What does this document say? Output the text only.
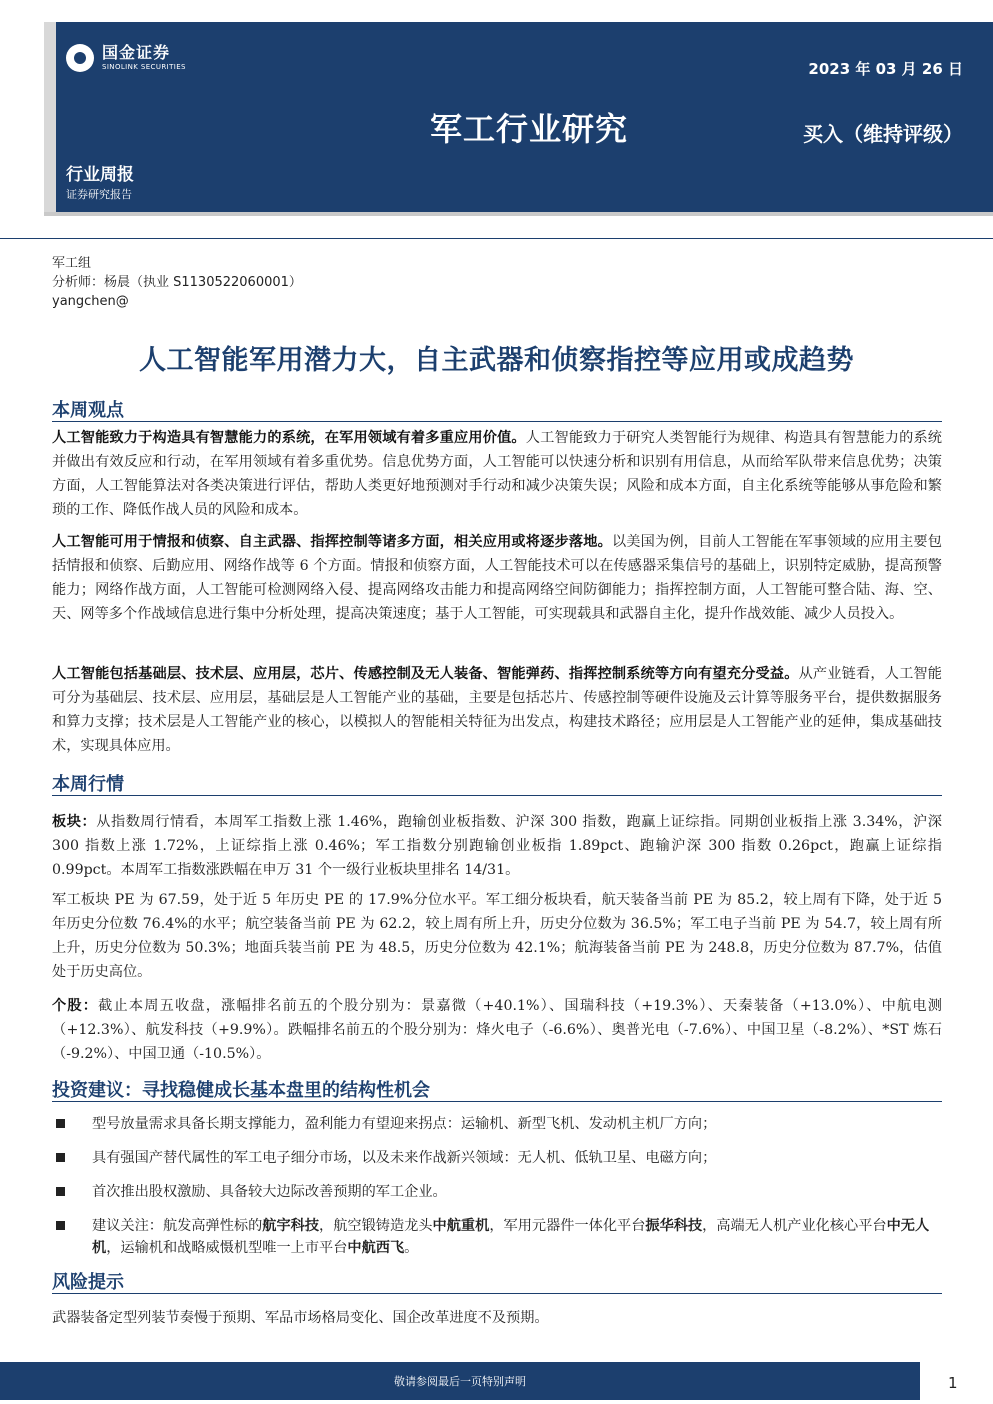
国金证券
SINOLINK SECURITIES	2023 年 03 月 26 日
军工行业研究	买入（维持评级）
行业周报
证券研究报告
军工组
分析师：杨晨（执业 S1130522060001）
yangchen@
人工智能军用潜力大，自主武器和侦察指控等应用或成趋势
本周观点
人工智能致力于构造具有智慧能力的系统，在军用领域有着多重应用价值。人工智能致力于研究人类智能行为规律、构造具有智慧能力的系统并做出有效反应和行动，在军用领域有着多重优势。信息优势方面，人工智能可以快速分析和识别有用信息，从而给军队带来信息优势；决策方面，人工智能算法对各类决策进行评估，帮助人类更好地预测对手行动和减少决策失误；风险和成本方面，自主化系统等能够从事危险和繁琐的工作、降低作战人员的风险和成本。
人工智能可用于情报和侦察、自主武器、指挥控制等诸多方面，相关应用或将逐步落地。以美国为例，目前人工智能在军事领域的应用主要包括情报和侦察、后勤应用、网络作战等 6 个方面。情报和侦察方面，人工智能技术可以在传感器采集信号的基础上，识别特定威胁，提高预警能力；网络作战方面，人工智能可检测网络入侵、提高网络攻击能力和提高网络空间防御能力；指挥控制方面，人工智能可整合陆、海、空、天、网等多个作战域信息进行集中分析处理，提高决策速度；基于人工智能，可实现载具和武器自主化，提升作战效能、减少人员投入。
人工智能包括基础层、技术层、应用层，芯片、传感控制及无人装备、智能弹药、指挥控制系统等方向有望充分受益。从产业链看，人工智能可分为基础层、技术层、应用层，基础层是人工智能产业的基础，主要是包括芯片、传感控制等硬件设施及云计算等服务平台，提供数据服务和算力支撑；技术层是人工智能产业的核心，以模拟人的智能相关特征为出发点，构建技术路径；应用层是人工智能产业的延伸，集成基础技术，实现具体应用。
本周行情
板块：从指数周行情看，本周军工指数上涨 1.46%，跑输创业板指数、沪深 300 指数，跑赢上证综指。同期创业板指上涨 3.34%，沪深 300 指数上涨 1.72%，上证综指上涨 0.46%；军工指数分别跑输创业板指 1.89pct、跑输沪深 300 指数 0.26pct，跑赢上证综指 0.99pct。本周军工指数涨跌幅在申万 31 个一级行业板块里排名 14/31。
军工板块 PE 为 67.59，处于近 5 年历史 PE 的 17.9%分位水平。军工细分板块看，航天装备当前 PE 为 85.2，较上周有下降，处于近 5 年历史分位数 76.4%的水平；航空装备当前 PE 为 62.2，较上周有所上升，历史分位数为 36.5%；军工电子当前 PE 为 54.7，较上周有所上升，历史分位数为 50.3%；地面兵装当前 PE 为 48.5，历史分位数为 42.1%；航海装备当前 PE 为 248.8，历史分位数为 87.7%，估值处于历史高位。
个股：截止本周五收盘，涨幅排名前五的个股分别为：景嘉微（+40.1%）、国瑞科技（+19.3%）、天秦装备（+13.0%）、中航电测（+12.3%）、航发科技（+9.9%）。跌幅排名前五的个股分别为：烽火电子（-6.6%）、奥普光电（-7.6%）、中国卫星（-8.2%）、*ST 炼石（-9.2%）、中国卫通（-10.5%）。
投资建议：寻找稳健成长基本盘里的结构性机会
型号放量需求具备长期支撑能力，盈利能力有望迎来拐点：运输机、新型飞机、发动机主机厂方向；
具有强国产替代属性的军工电子细分市场，以及未来作战新兴领域：无人机、低轨卫星、电磁方向；
首次推出股权激励、具备较大边际改善预期的军工企业。
建议关注：航发高弹性标的航宇科技，航空锻铸造龙头中航重机，军用元器件一体化平台振华科技，高端无人机产业化核心平台中无人机，运输机和战略威慑机型唯一上市平台中航西飞。
风险提示
武器装备定型列装节奏慢于预期、军品市场格局变化、国企改革进度不及预期。
敬请参阅最后一页特别声明	1
